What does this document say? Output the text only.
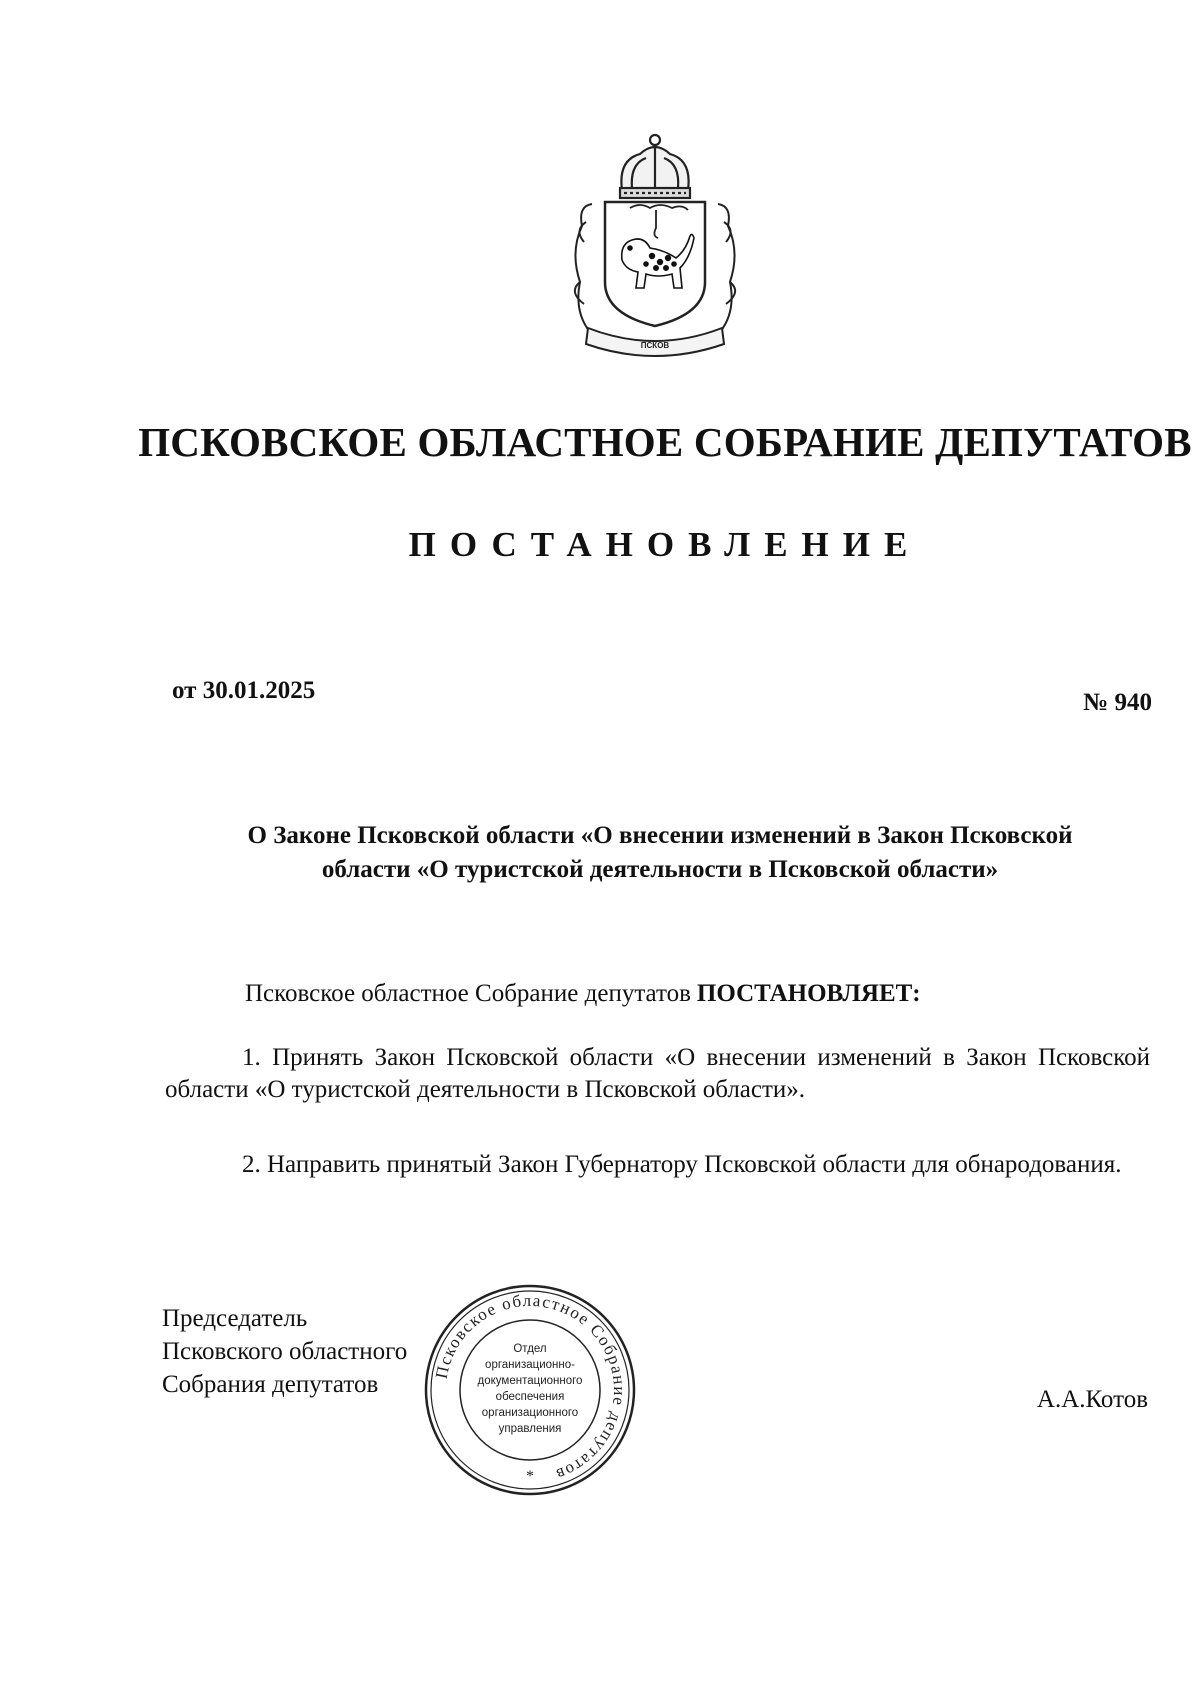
ПСКОВ
ПСКОВСКОЕ ОБЛАСТНОЕ СОБРАНИЕ ДЕПУТАТОВ
ПОСТАНОВЛЕНИЕ
от 30.01.2025	№ 940
О Законе Псковской области «О внесении изменений в Закон Псковской
области «О туристской деятельности в Псковской области»
Псковское областное Собрание депутатов ПОСТАНОВЛЯЕТ:
1. Принять Закон Псковской области «О внесении изменений в Закон Псковской области «О туристской деятельности в Псковской области».
2. Направить принятый Закон Губернатору Псковской области для обнародования.
Председатель
Псковского областного
Собрания депутатов
А.А.Котов
Псковское областное Собрание депутатов
Отдел
организационно-
документационного
обеспечения
организационного
управления
*
